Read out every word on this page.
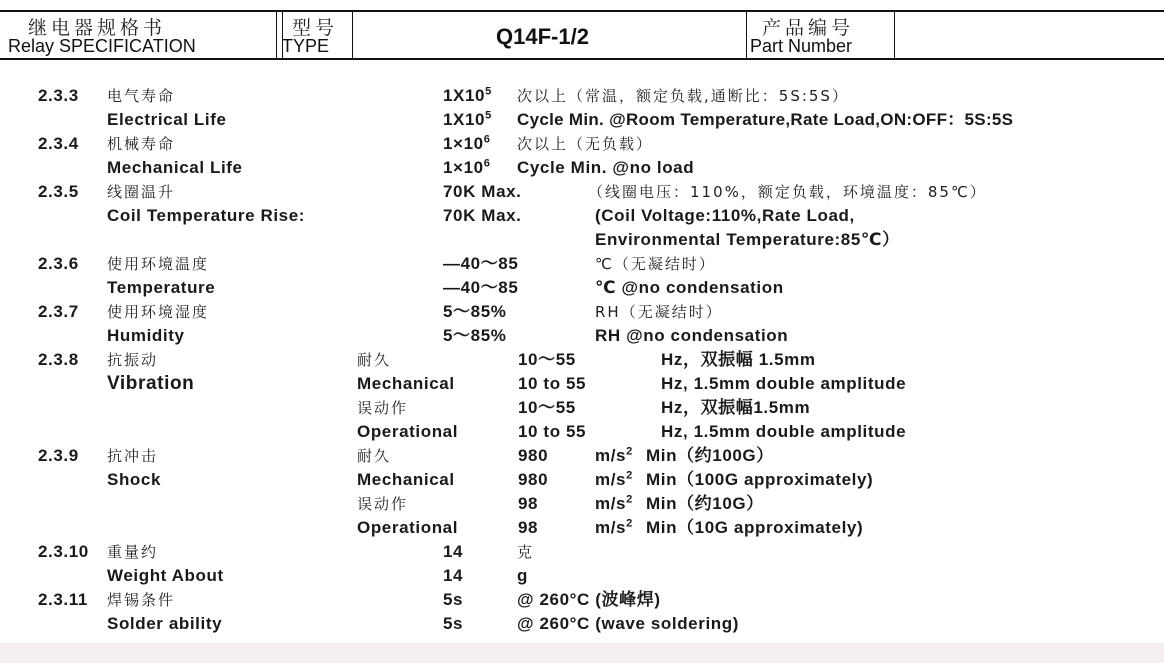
继电器规格书
Relay SPECIFICATION
型号
TYPE	Q14F-1/2	产品编号
Part Number
2.3.3 电气寿命	$1X10^5$ 次以上（常温，额定负载,通断比：5S:5S）
Electrical Life	$1X10^5$ Cycle Min. @Room Temperature,Rate Load,ON:OFF：5S:5S
2.3.4 机械寿命	$1\times 10^6$ 次以上（无负载）
Mechanical Life	$1\times 10^6$ Cycle Min. @no load
2.3.5 线圈温升	70K Max.	（线圈电压：110%，额定负载，环境温度：85℃）
Coil Temperature Rise:	70K Max.	(Coil Voltage:110%,Rate Load,
Environmental Temperature:85℃）
2.3.6 使用环境温度	—40～85	℃（无凝结时）
Temperature	—40～85	℃ @no condensation
2.3.7 使用环境湿度	5～85%	RH（无凝结时）
Humidity	5～85%	RH @no condensation
2.3.8 抗振动	耐久	10～55	Hz，双振幅 1.5mm
Vibration	Mechanical	10 to 55	Hz, 1.5mm double amplitude
误动作	10～55	Hz，双振幅1.5mm
Operational	10 to 55	Hz, 1.5mm double amplitude
2.3.9 抗冲击	耐久	980	$m/s^2$ Min（约100G）
Shock	Mechanical	980	$m/s^2$ Min（100G approximately)
误动作	98	$m/s^2$ Min（约10G）
Operational	98	$m/s^2$ Min（10G approximately)
2.3.10 重量约	14	克
Weight About	14	g
2.3.11 焊锡条件	5s	@ 260°C (波峰焊)
Solder ability	5s	@ 260°C (wave soldering)
